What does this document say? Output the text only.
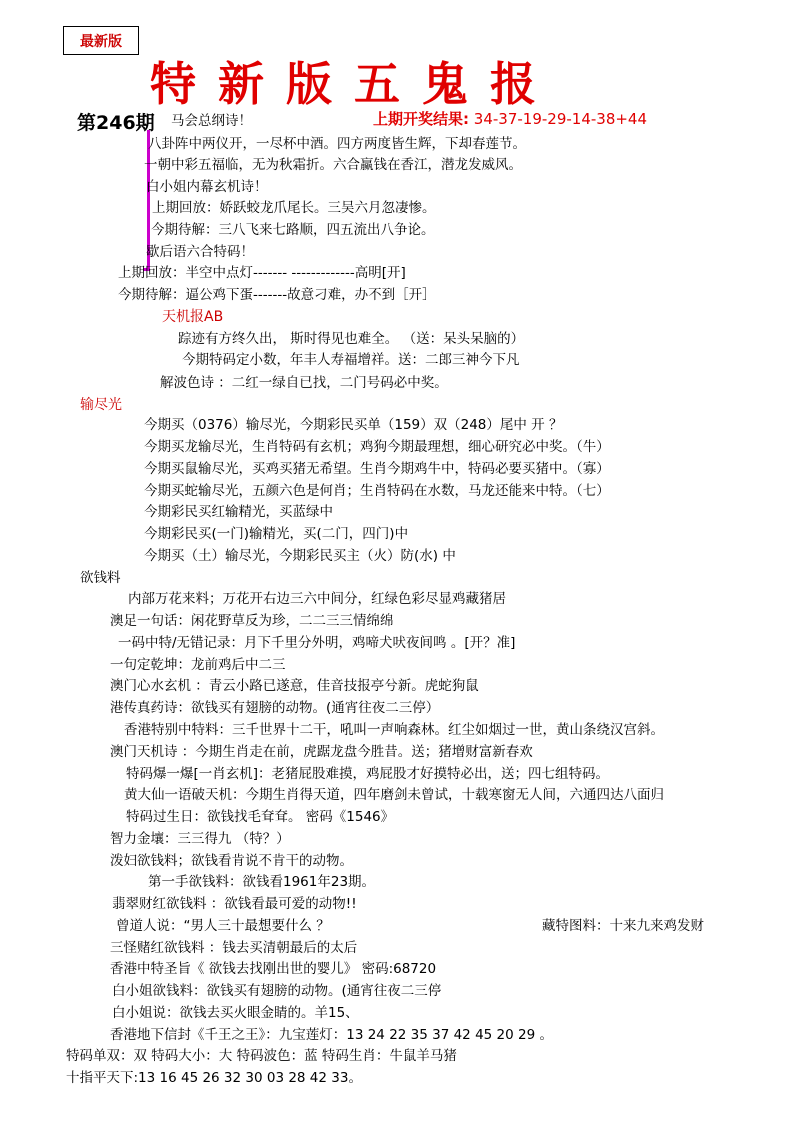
最新版
特新版五鬼报
第246期	上期开奖结果: 34-37-19-29-14-38+44
马会总纲诗！
八卦阵中两仪开，一尽杯中酒。四方两度皆生辉，下却春莲节。
一朝中彩五福临，无为秋霜折。六合赢钱在香江，潜龙发威风。
白小姐内幕玄机诗！
上期回放：娇跃蛟龙爪尾长。三吴六月忽凄惨。
今期待解：三八飞来七路顺，四五流出八争论。
歇后语六合特码！
上期回放：半空中点灯------- -------------高明[开]
今期待解：逼公鸡下蛋-------故意刁难，办不到［开］
天机报AB
踪迹有方终久出， 斯时得见也难全。 （送：呆头呆脑的）
今期特码定小数，年丰人寿福增祥。送：二郎三神今下凡
解波色诗 ：二红一绿自已找，二门号码必中奖。
输尽光
今期买（0376）输尽光，今期彩民买单（159）双（248）尾中 开 ？
今期买龙输尽光，生肖特码有玄机；鸡狗今期最理想，细心研究必中奖。（牛）
今期买鼠输尽光，买鸡买猪无希望。生肖今期鸡牛中，特码必要买猪中。（寡）
今期买蛇输尽光，五颜六色是何肖；生肖特码在水数，马龙还能来中特。（七）
今期彩民买红输精光，买蓝绿中
今期彩民买(一门)输精光，买(二门，四门)中
今期买（土）输尽光，今期彩民买主（火）防(水) 中
欲钱料
内部万花来料；万花开右边三六中间分，红绿色彩尽显鸡藏猪居
澳足一句话：闲花野草反为珍，二二三三情绵绵
一码中特/无错记录：月下千里分外明，鸡啼犬吠夜间鸣 。[开？准]
一句定乾坤：龙前鸡后中二三
澳门心水玄机 ：青云小路已遂意，佳音技报亭兮新。虎蛇狗鼠
港传真药诗：欲钱买有翅膀的动物。(通宵往夜二三停）
香港特别中特料：三千世界十二干，吼叫一声响森林。红尘如烟过一世，黄山条绕汉宫斜。
澳门天机诗 ：今期生肖走在前，虎踞龙盘今胜昔。送；猪增财富新春欢
特码爆一爆[一肖玄机]：老猪屁股难摸，鸡屁股才好摸特必出，送；四七组特码。
黄大仙一语破天机：今期生肖得天道，四年磨剑未曾试，十载寒窗无人间，六通四达八面归
特码过生日：欲钱找毛耷耷。 密码《1546》
智力金壤：三三得九 （特？）
泼妇欲钱料；欲钱看肯说不肯干的动物。
第一手欲钱料：欲钱看1961年23期。
翡翠财红欲钱料 ：欲钱看最可爱的动物!!
曾道人说：“男人三十最想要什么 ？	藏特图料：十来九来鸡发财
三怪赌红欲钱料 ：钱去买清朝最后的太后
香港中特圣旨《 欲钱去找刚出世的婴儿》 密码:68720
白小姐欲钱料：欲钱买有翅膀的动物。(通宵往夜二三停
白小姐说：欲钱去买火眼金睛的。羊15、
香港地下信封《千王之王》：九宝莲灯：13 24 22 35 37 42 45 20 29 。
特码单双：双 特码大小：大 特码波色：蓝 特码生肖：牛鼠羊马猪
十指平天下:13 16 45 26 32 30 03 28 42 33。
